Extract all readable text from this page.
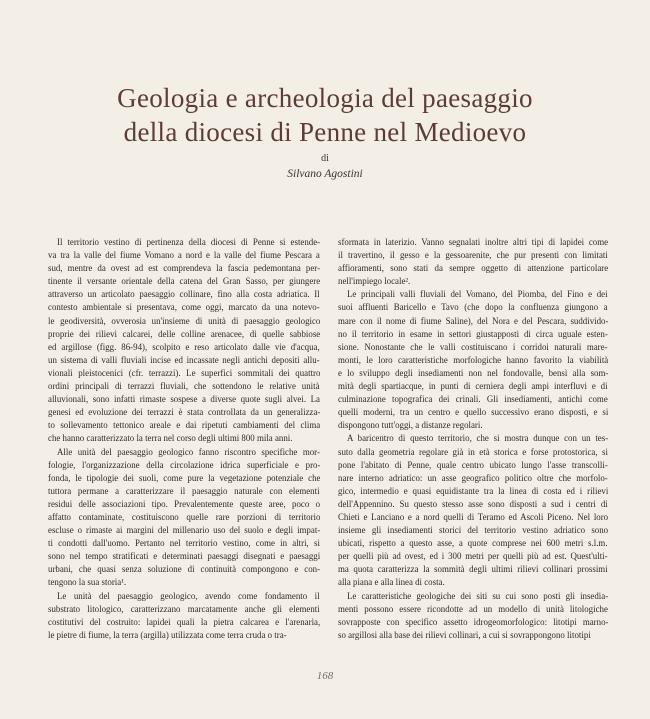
Geologia e archeologia del paesaggio
della diocesi di Penne nel Medioevo
di
Silvano Agostini
Il territorio vestino di pertinenza della diocesi di Penne si estende-
va tra la valle del fiume Vomano a nord e la valle del fiume Pescara a
sud, mentre da ovest ad est comprendeva la fascia pedemontana per-
tinente il versante orientale della catena del Gran Sasso, per giungere
attraverso un articolato paesaggio collinare, fino alla costa adriatica. Il
contesto ambientale si presentava, come oggi, marcato da una notevo-
le geodiversità, ovverosia un'insieme di unità di paesaggio geologico
proprie dei rilievi calcarei, delle colline arenacee, di quelle sabbiose
ed argillose (figg. 86-94), scolpito e reso articolato dalle vie d'acqua,
un sistema di valli fluviali incise ed incassate negli antichi depositi allu-
vionali pleistocenici (cfr. terrazzi). Le superfici sommitali dei quattro
ordini principali di terrazzi fluviali, che sottendono le relative unità
alluvionali, sono infatti rimaste sospese a diverse quote sugli alvei. La
genesi ed evoluzione dei terrazzi è stata controllata da un generalizza-
to sollevamento tettonico areale e dai ripetuti cambiamenti del clima
che hanno caratterizzato la terra nel corso degli ultimi 800 mila anni.
Alle unità del paesaggio geologico fanno riscontro specifiche mor-
fologie, l'organizzazione della circolazione idrica superficiale e pro-
fonda, le tipologie dei suoli, come pure la vegetazione potenziale che
tuttora permane a caratterizzare il paesaggio naturale con elementi
residui delle associazioni tipo. Prevalentemente queste aree, poco o
affatto contaminate, costituiscono quelle rare porzioni di territorio
escluse o rimaste ai margini del millenario uso del suolo e degli impat-
ti condotti dall'uomo. Pertanto nel territorio vestino, come in altri, si
sono nel tempo stratificati e determinati paesaggi disegnati e paesaggi
urbani, che quasi senza soluzione di continuità compongono e con-
tengono la sua storia¹.
Le unità del paesaggio geologico, avendo come fondamento il
substrato litologico, caratterizzano marcatamente anche gli elementi
costitutivi del costruito: lapidei quali la pietra calcarea e l'arenaria,
le pietre di fiume, la terra (argilla) utilizzata come terra cruda o tra-
sformata in laterizio. Vanno segnalati inoltre altri tipi di lapidei come
il travertino, il gesso e la gessoarenite, che pur presenti con limitati
affioramenti, sono stati da sempre oggetto di attenzione particolare
nell'impiego locale².
Le principali valli fluviali del Vomano, del Piomba, del Fino e dei
suoi affluenti Baricello e Tavo (che dopo la confluenza giungono a
mare con il nome di fiume Saline), del Nora e del Pescara, suddivido-
no il territorio in esame in settori giustapposti di circa uguale esten-
sione. Nonostante che le valli costituiscano i corridoi naturali mare-
monti, le loro caratteristiche morfologiche hanno favorito la viabilità
e lo sviluppo degli insediamenti non nel fondovalle, bensì alla som-
mità degli spartiacque, in punti di cerniera degli ampi interfluvi e di
culminazione topografica dei crinali. Gli insediamenti, antichi come
quelli moderni, tra un centro e quello successivo erano disposti, e si
dispongono tutt'oggi, a distanze regolari.
A baricentro di questo territorio, che si mostra dunque con un tes-
suto dalla geometria regolare già in età storica e forse protostorica, si
pone l'abitato di Penne, quale centro ubicato lungo l'asse transcolli-
nare interno adriatico: un asse geografico politico oltre che morfolo-
gico, intermedio e quasi equidistante tra la linea di costa ed i rilievi
dell'Appennino. Su questo stesso asse sono disposti a sud i centri di
Chieti e Lanciano e a nord quelli di Teramo ed Ascoli Piceno. Nel loro
insieme gli insediamenti storici del territorio vestino adriatico sono
ubicati, rispetto a questo asse, a quote comprese nei 600 metri s.l.m.
per quelli più ad ovest, ed i 300 metri per quelli più ad est. Quest'ulti-
ma quota caratterizza la sommità degli ultimi rilievi collinari prossimi
alla piana e alla linea di costa.
Le caratteristiche geologiche dei siti su cui sono posti gli insedia-
menti possono essere ricondotte ad un modello di unità litologiche
sovrapposte con specifico assetto idrogeomorfologico: litotipi marno-
so argillosi alla base dei rilievi collinari, a cui si sovrappongono litotipi
168
